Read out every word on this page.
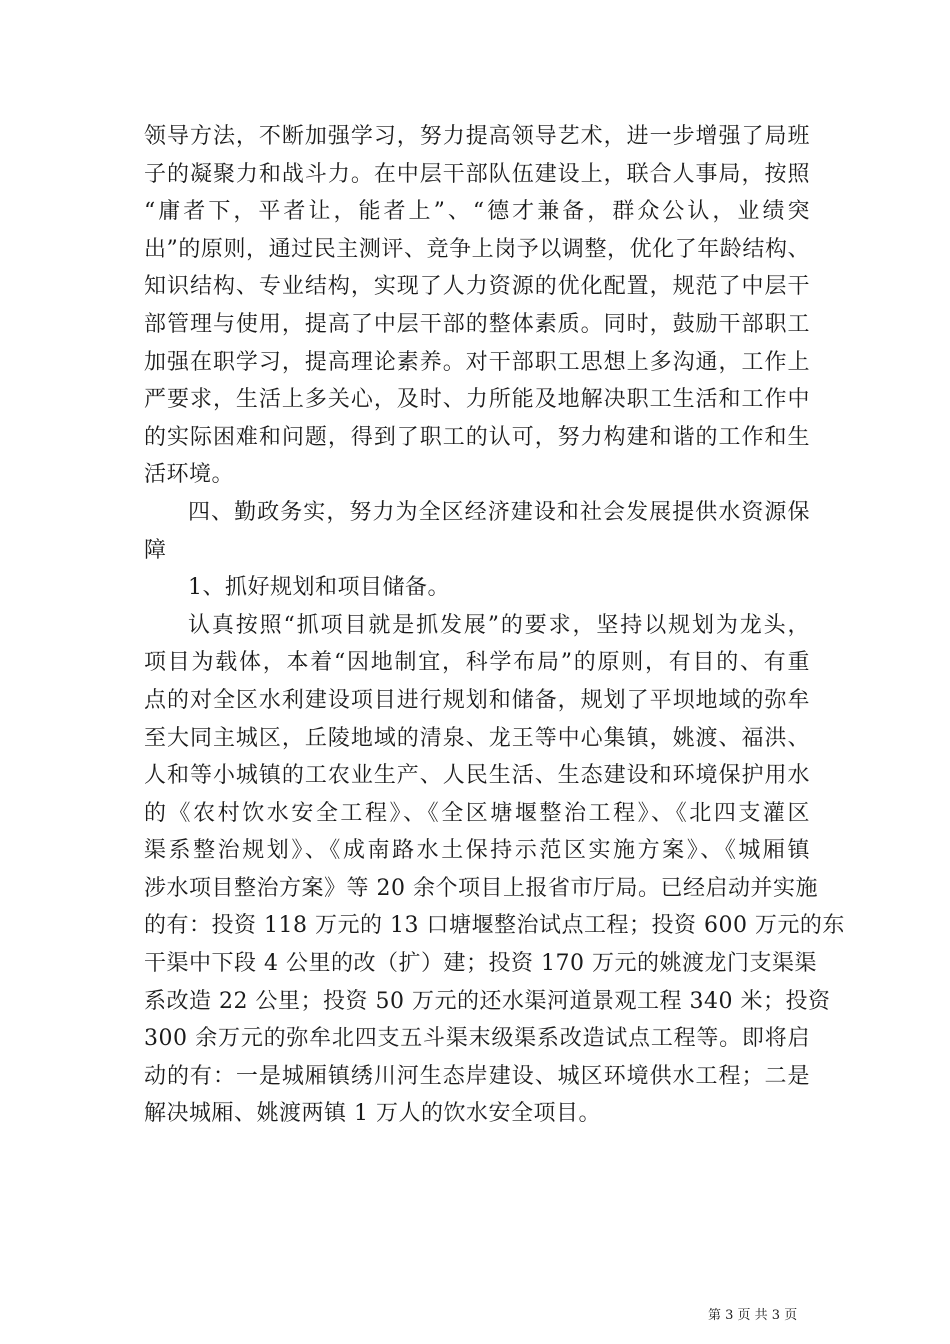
领导方法，不断加强学习，努力提高领导艺术，进一步增强了局班
子的凝聚力和战斗力。在中层干部队伍建设上，联合人事局，按照
“庸者下，平者让，能者上”、“德才兼备，群众公认，业绩突
出”的原则，通过民主测评、竞争上岗予以调整，优化了年龄结构、
知识结构、专业结构，实现了人力资源的优化配置，规范了中层干
部管理与使用，提高了中层干部的整体素质。同时，鼓励干部职工
加强在职学习，提高理论素养。对干部职工思想上多沟通，工作上
严要求，生活上多关心，及时、力所能及地解决职工生活和工作中
的实际困难和问题，得到了职工的认可，努力构建和谐的工作和生
活环境。
四、勤政务实，努力为全区经济建设和社会发展提供水资源保
障
1、抓好规划和项目储备。
认真按照“抓项目就是抓发展”的要求，坚持以规划为龙头，
项目为载体，本着“因地制宜，科学布局”的原则，有目的、有重
点的对全区水利建设项目进行规划和储备，规划了平坝地域的弥牟
至大同主城区，丘陵地域的清泉、龙王等中心集镇，姚渡、福洪、
人和等小城镇的工农业生产、人民生活、生态建设和环境保护用水
的《农村饮水安全工程》、《全区塘堰整治工程》、《北四支灌区
渠系整治规划》、《成南路水土保持示范区实施方案》、《城厢镇
涉水项目整治方案》等 20 余个项目上报省市厅局。已经启动并实施
的有：投资 118 万元的 13 口塘堰整治试点工程；投资 600 万元的东
干渠中下段 4 公里的改（扩）建；投资 170 万元的姚渡龙门支渠渠
系改造 22 公里；投资 50 万元的还水渠河道景观工程 340 米；投资
300 余万元的弥牟北四支五斗渠末级渠系改造试点工程等。即将启
动的有：一是城厢镇绣川河生态岸建设、城区环境供水工程；二是
解决城厢、姚渡两镇 1 万人的饮水安全项目。
第 3 页 共 3 页
